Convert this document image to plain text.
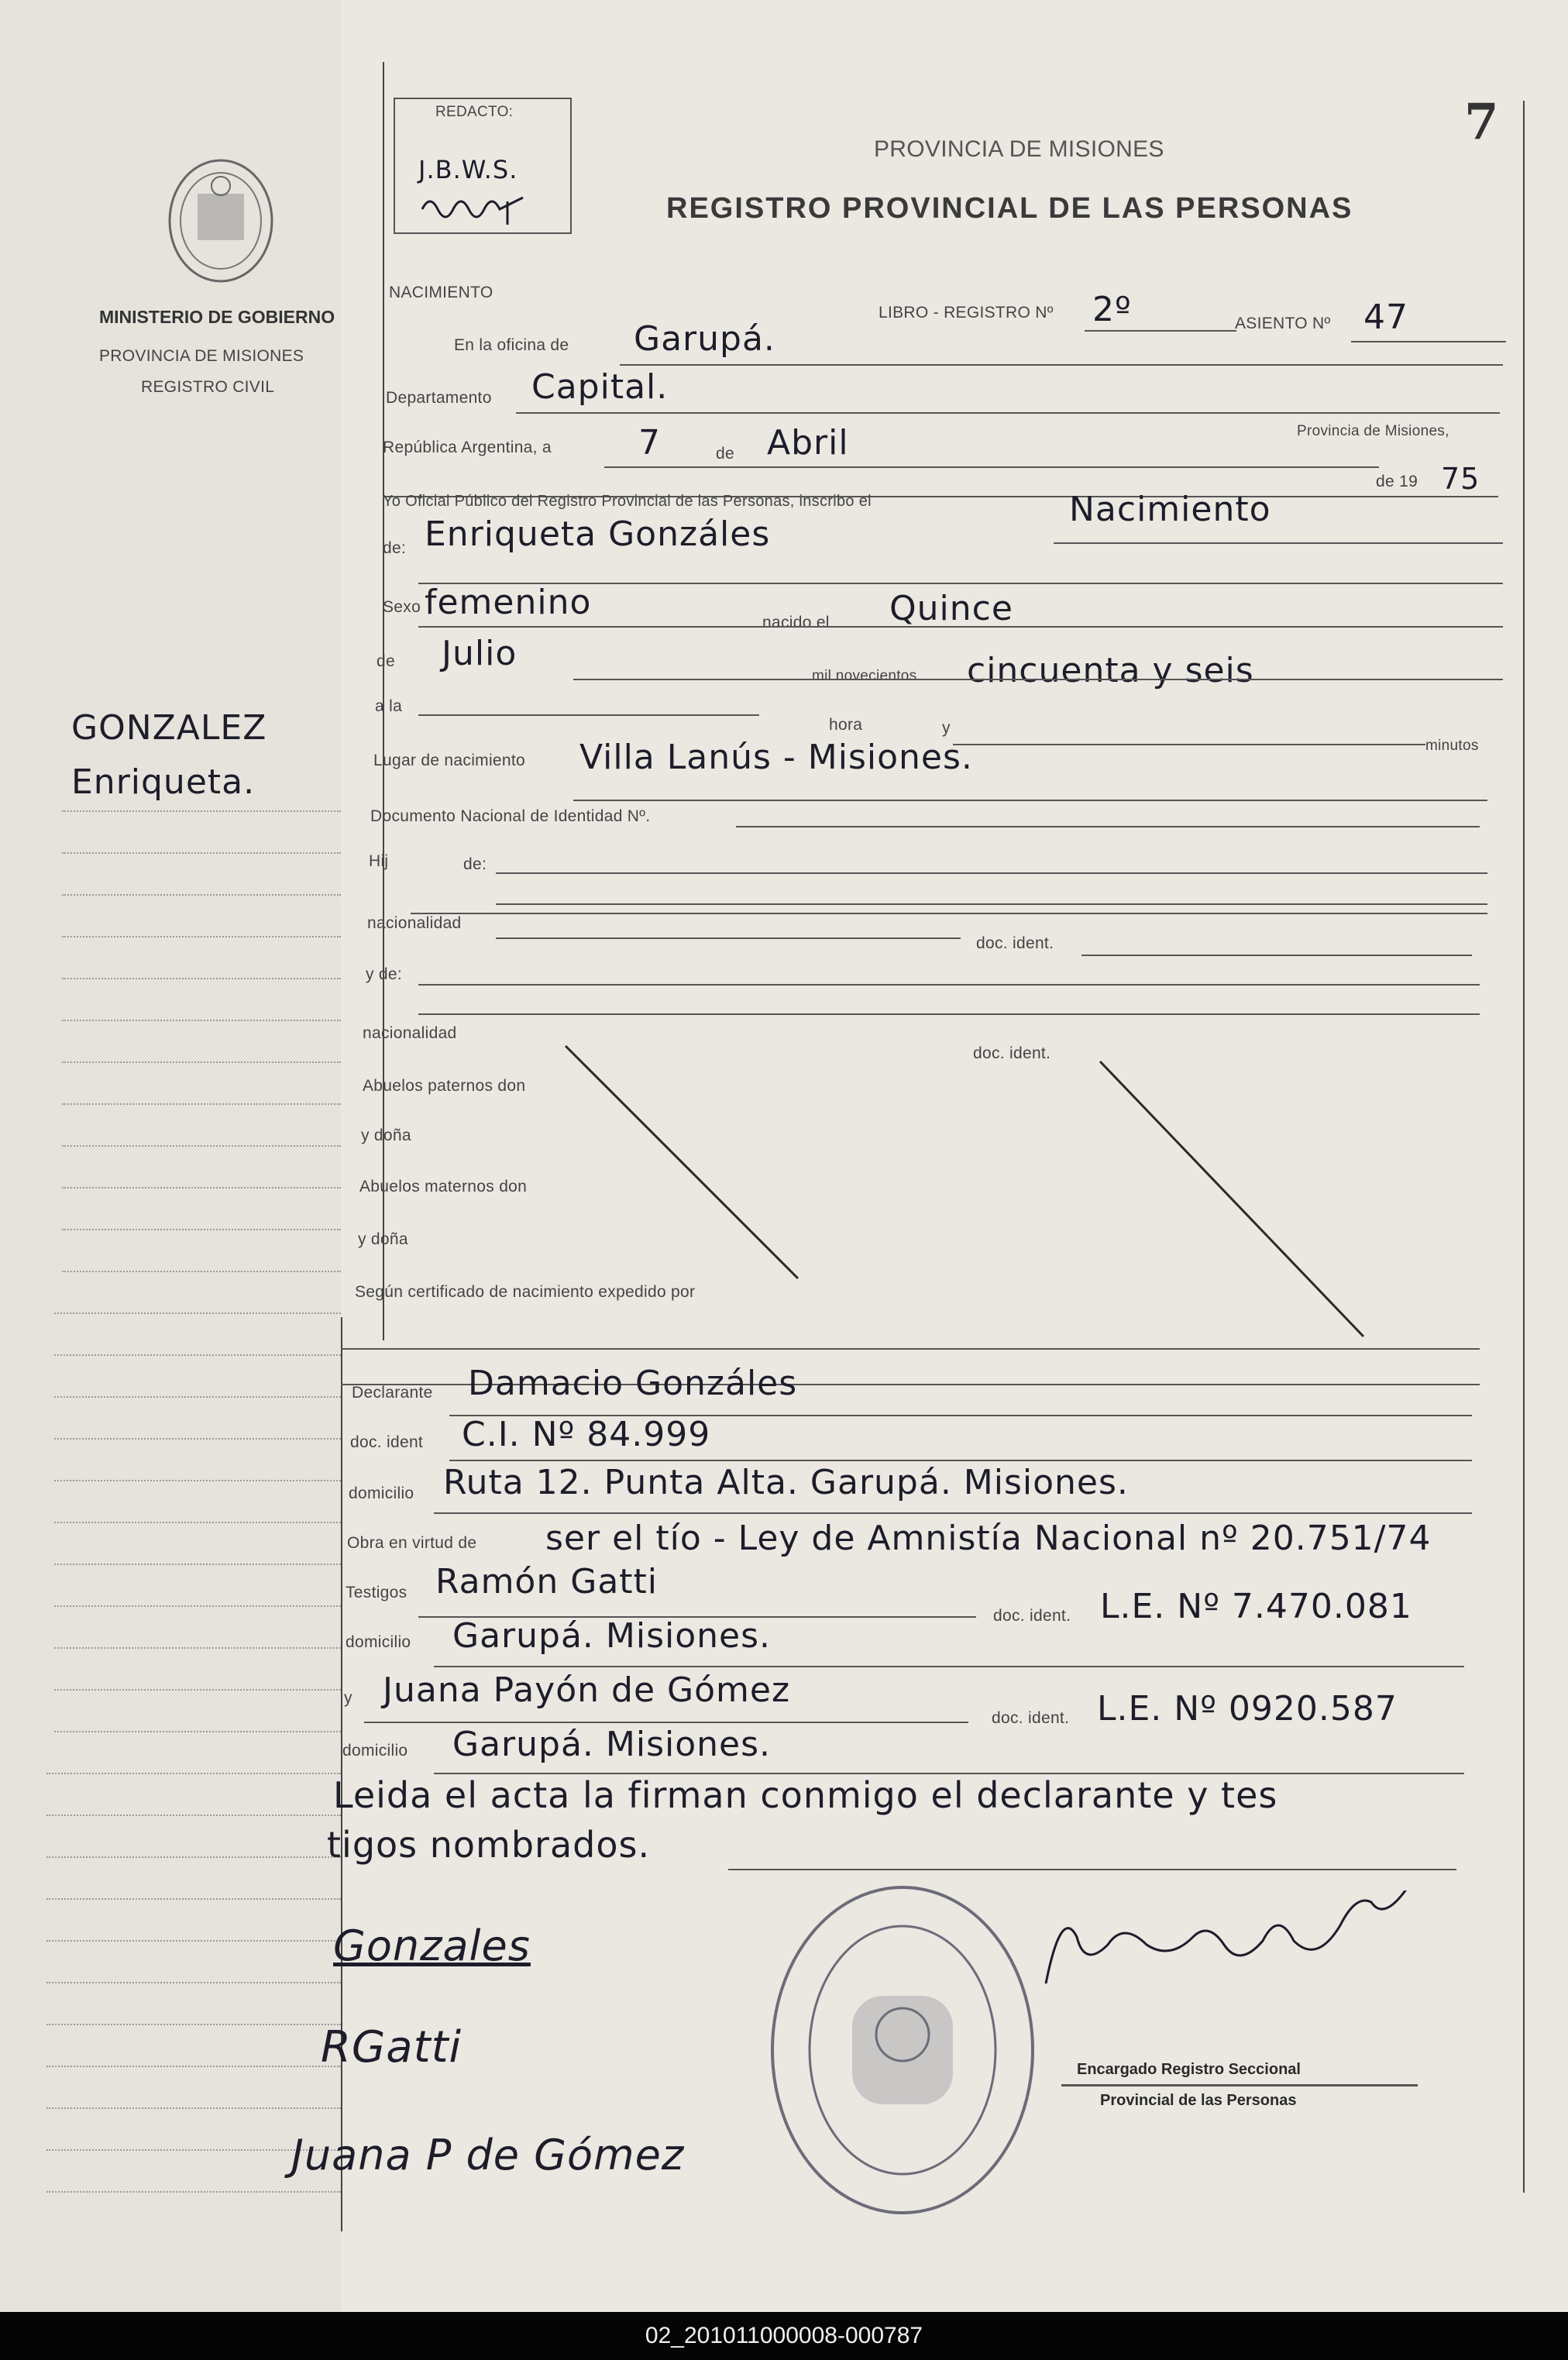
REDACTO:
J.B.W.S.
7
PROVINCIA DE MISIONES
REGISTRO PROVINCIAL DE LAS PERSONAS
MINISTERIO DE GOBIERNO
PROVINCIA DE MISIONES
REGISTRO CIVIL
GONZALEZ
Enriqueta.
NACIMIENTO
LIBRO - REGISTRO Nº 2º	ASIENTO Nº 47
En la oficina de Garupá.
Departamento Capital.
Provincia de Misiones,
República Argentina, a	7	de Abril
de 19 75
Yo Oficial Público del Registro Provincial de las Personas, inscribo el	Nacimiento
de: Enriqueta Gonzáles
Sexo femenino
nacido el Quince
de Julio
mil novecientos cincuenta y seis
a la
hora	y
minutos
Lugar de nacimiento Villa Lanús - Misiones.
Documento Nacional de Identidad Nº.
Hij	de:
nacionalidad
doc. ident.
y de:
nacionalidad
doc. ident.
Abuelos paternos don
y doña
Abuelos maternos don
y doña
Según certificado de nacimiento expedido por
Declarante Damacio Gonzáles
doc. ident C.I. Nº 84.999
domicilio Ruta 12. Punta Alta. Garupá. Misiones.
Obra en virtud de ser el tío - Ley de Amnistía Nacional nº 20.751/74
Testigos Ramón Gatti
doc. ident. L.E. Nº 7.470.081
domicilio Garupá. Misiones.
y Juana Payón de Gómez
doc. ident. L.E. Nº 0920.587
domicilio Garupá. Misiones.
Leida el acta la firman conmigo el declarante y tes
tigos nombrados.
Gonzales
RGatti
Juana P de Gómez
Encargado Registro Seccional
Provincial de las Personas
02_201011000008-000787
